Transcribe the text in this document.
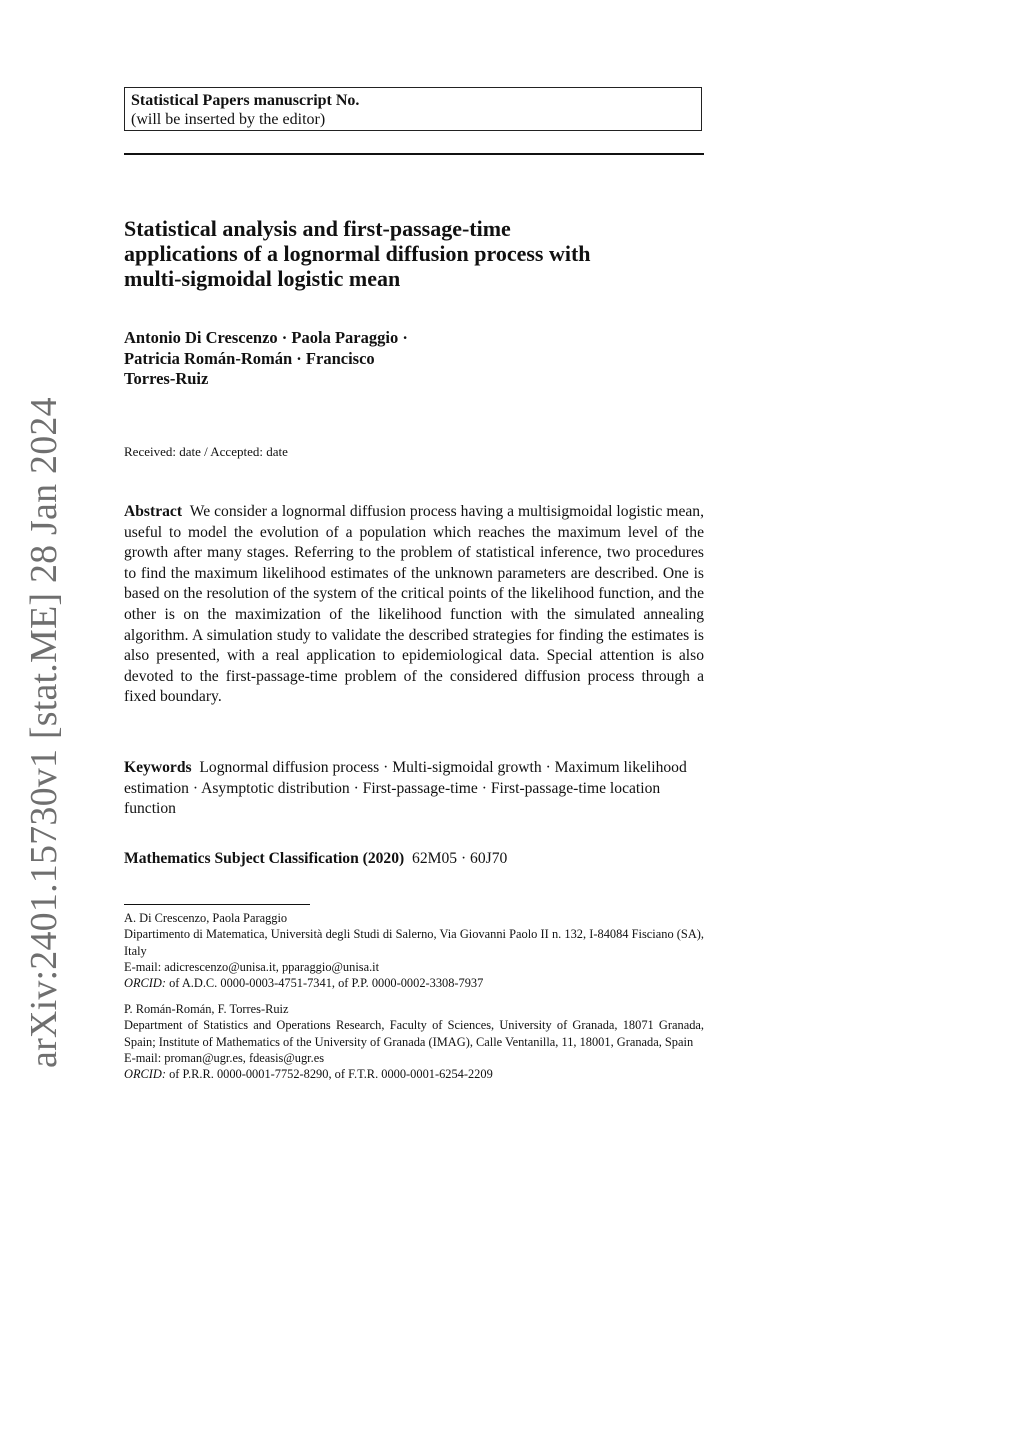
Statistical Papers manuscript No.
(will be inserted by the editor)
Statistical analysis and first-passage-time
applications of a lognormal diffusion process with
multi-sigmoidal logistic mean
Antonio Di Crescenzo · Paola Paraggio ·
Patricia Román-Román · Francisco
Torres-Ruiz
Received: date / Accepted: date

Abstract We consider a lognormal diffusion process having a multisigmoidal logistic mean, useful to model the evolution of a population which reaches the maximum level of the growth after many stages. Referring to the problem of statistical inference, two procedures to find the maximum likelihood estimates of the unknown parameters are described. One is based on the resolution of the system of the critical points of the likelihood function, and the other is on the maximization of the likelihood function with the simulated annealing algorithm. A simulation study to validate the described strategies for finding the estimates is also presented, with a real application to epidemiological data. Special attention is also devoted to the first-passage-time problem of the considered diffusion process through a fixed boundary.

Keywords Lognormal diffusion process · Multi-sigmoidal growth · Maximum likelihood estimation · Asymptotic distribution · First-passage-time · First-passage-time location function

Mathematics Subject Classification (2020) 62M05 · 60J70

A. Di Crescenzo, Paola Paraggio
Dipartimento di Matematica, Università degli Studi di Salerno, Via Giovanni Paolo II n. 132, I-84084 Fisciano (SA), Italy
E-mail: adicrescenzo@unisa.it, pparaggio@unisa.it
ORCID: of A.D.C. 0000-0003-4751-7341, of P.P. 0000-0002-3308-7937
P. Román-Román, F. Torres-Ruiz
Department of Statistics and Operations Research, Faculty of Sciences, University of Granada, 18071 Granada, Spain; Institute of Mathematics of the University of Granada (IMAG), Calle Ventanilla, 11, 18001, Granada, Spain
E-mail: proman@ugr.es, fdeasis@ugr.es
ORCID: of P.R.R. 0000-0001-7752-8290, of F.T.R. 0000-0001-6254-2209
arXiv:2401.15730v1 [stat.ME] 28 Jan 2024
